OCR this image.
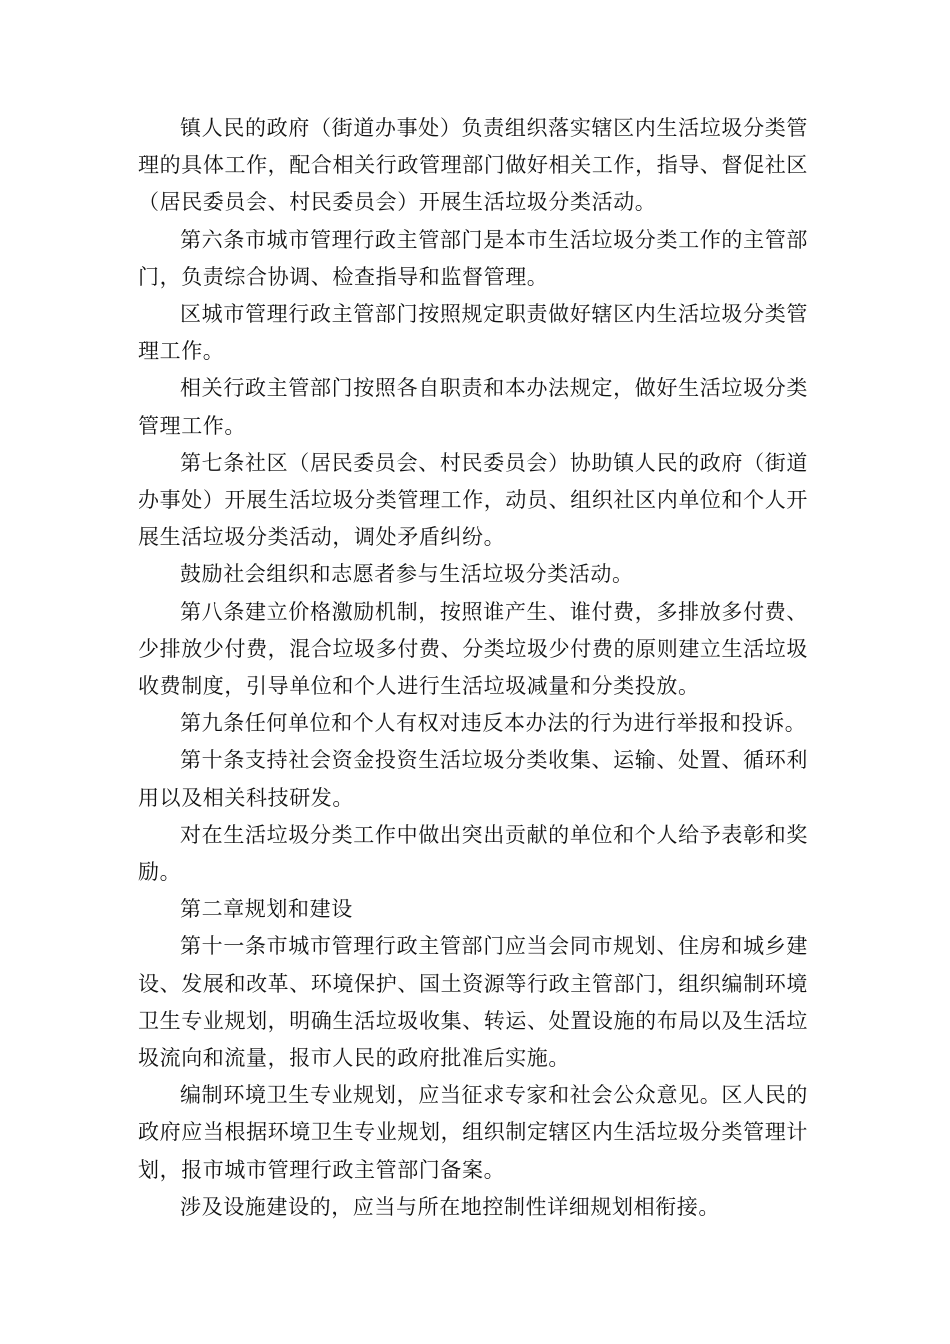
镇人民的政府（街道办事处）负责组织落实辖区内生活垃圾分类管理的具体工作，配合相关行政管理部门做好相关工作，指导、督促社区（居民委员会、村民委员会）开展生活垃圾分类活动。

第六条市城市管理行政主管部门是本市生活垃圾分类工作的主管部门，负责综合协调、检查指导和监督管理。

区城市管理行政主管部门按照规定职责做好辖区内生活垃圾分类管理工作。

相关行政主管部门按照各自职责和本办法规定，做好生活垃圾分类管理工作。

第七条社区（居民委员会、村民委员会）协助镇人民的政府（街道办事处）开展生活垃圾分类管理工作，动员、组织社区内单位和个人开展生活垃圾分类活动，调处矛盾纠纷。

鼓励社会组织和志愿者参与生活垃圾分类活动。

第八条建立价格激励机制，按照谁产生、谁付费，多排放多付费、少排放少付费，混合垃圾多付费、分类垃圾少付费的原则建立生活垃圾收费制度，引导单位和个人进行生活垃圾减量和分类投放。

第九条任何单位和个人有权对违反本办法的行为进行举报和投诉。

第十条支持社会资金投资生活垃圾分类收集、运输、处置、循环利用以及相关科技研发。

对在生活垃圾分类工作中做出突出贡献的单位和个人给予表彰和奖励。

第二章规划和建设

第十一条市城市管理行政主管部门应当会同市规划、住房和城乡建设、发展和改革、环境保护、国土资源等行政主管部门，组织编制环境卫生专业规划，明确生活垃圾收集、转运、处置设施的布局以及生活垃圾流向和流量，报市人民的政府批准后实施。

编制环境卫生专业规划，应当征求专家和社会公众意见。区人民的政府应当根据环境卫生专业规划，组织制定辖区内生活垃圾分类管理计划，报市城市管理行政主管部门备案。

涉及设施建设的，应当与所在地控制性详细规划相衔接。
